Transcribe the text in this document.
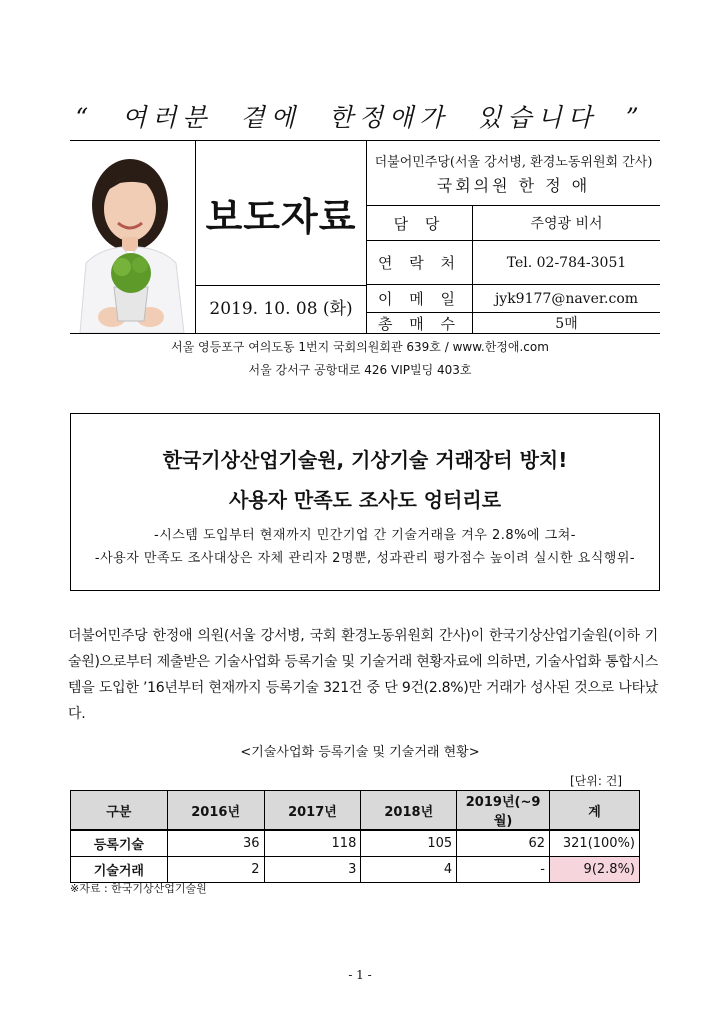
“ 여러분 곁에 한정애가 있습니다 ”
보도자료
2019. 10. 08 (화)
더불어민주당(서울 강서병, 환경노동위원회 간사)
국회의원 한 정 애
담 당	주영광 비서
연 락 처	Tel. 02-784-3051
이 메 일	jyk9177@naver.com
총 매 수	5매
서울 영등포구 여의도동 1번지 국회의원회관 639호 / www.한정애.com
서울 강서구 공항대로 426 VIP빌딩 403호
한국기상산업기술원, 기상기술 거래장터 방치!
사용자 만족도 조사도 엉터리로
-시스템 도입부터 현재까지 민간기업 간 기술거래을 겨우 2.8%에 그쳐-
-사용자 만족도 조사대상은 자체 관리자 2명뿐, 성과관리 평가점수 높이려 실시한 요식행위-
더불어민주당 한정애 의원(서울 강서병, 국회 환경노동위원회 간사)이 한국기상산업기술원(이하 기술원)으로부터 제출받은 기술사업화 등록기술 및 기술거래 현황자료에 의하면, 기술사업화 통합시스템을 도입한 ’16년부터 현재까지 등록기술 321건 중 단 9건(2.8%)만 거래가 성사된 것으로 나타났다.
<기술사업화 등록기술 및 기술거래 현황>
[단위: 건]
구분	2016년	2017년	2018년	2019년(~9월)	계
등록기술	36	118	105	62	321(100%)
기술거래	2	3	4	-	9(2.8%)
※자료 : 한국기상산업기술원
- 1 -
